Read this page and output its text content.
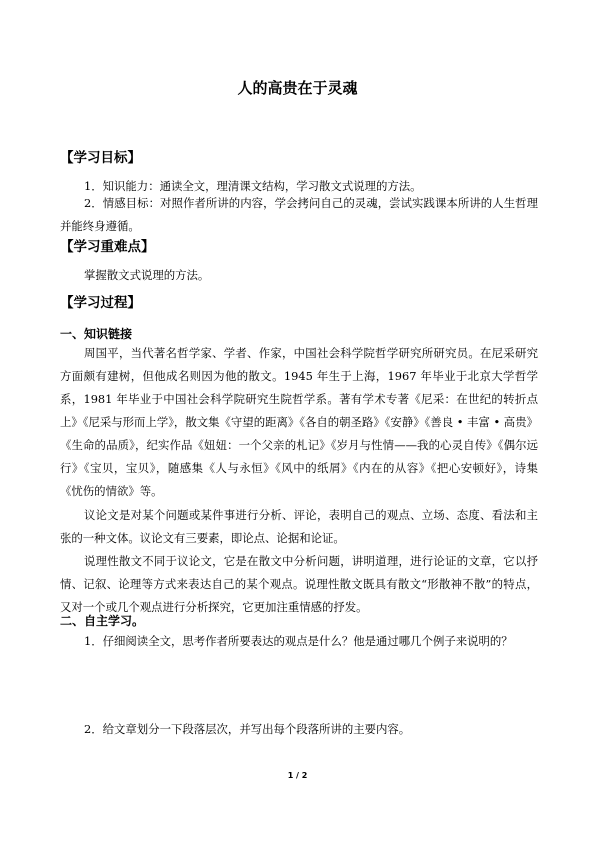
人的高贵在于灵魂
【学习目标】
1．知识能力：通读全文，理清课文结构，学习散文式说理的方法。
2．情感目标：对照作者所讲的内容，学会拷问自己的灵魂，尝试实践课本所讲的人生哲理并能终身遵循。
【学习重难点】
掌握散文式说理的方法。
【学习过程】
一、知识链接
周国平，当代著名哲学家、学者、作家，中国社会科学院哲学研究所研究员。在尼采研究方面颇有建树，但他成名则因为他的散文。1945 年生于上海，1967 年毕业于北京大学哲学系，1981 年毕业于中国社会科学院研究生院哲学系。著有学术专著《尼采：在世纪的转折点上》《尼采与形而上学》，散文集《守望的距离》《各自的朝圣路》《安静》《善良 • 丰富 • 高贵》《生命的品质》，纪实作品《妞妞：一个父亲的札记》《岁月与性情——我的心灵自传》《偶尔远行》《宝贝，宝贝》，随感集《人与永恒》《风中的纸屑》《内在的从容》《把心安顿好》，诗集《忧伤的情欲》等。
议论文是对某个问题或某件事进行分析、评论，表明自己的观点、立场、态度、看法和主张的一种文体。议论文有三要素，即论点、论据和论证。
说理性散文不同于议论文，它是在散文中分析问题，讲明道理，进行论证的文章，它以抒情、记叙、论理等方式来表达自己的某个观点。说理性散文既具有散文“形散神不散”的特点，又对一个或几个观点进行分析探究，它更加注重情感的抒发。
二、自主学习。
1．仔细阅读全文，思考作者所要表达的观点是什么？他是通过哪几个例子来说明的？
2．给文章划分一下段落层次，并写出每个段落所讲的主要内容。
1 / 2
